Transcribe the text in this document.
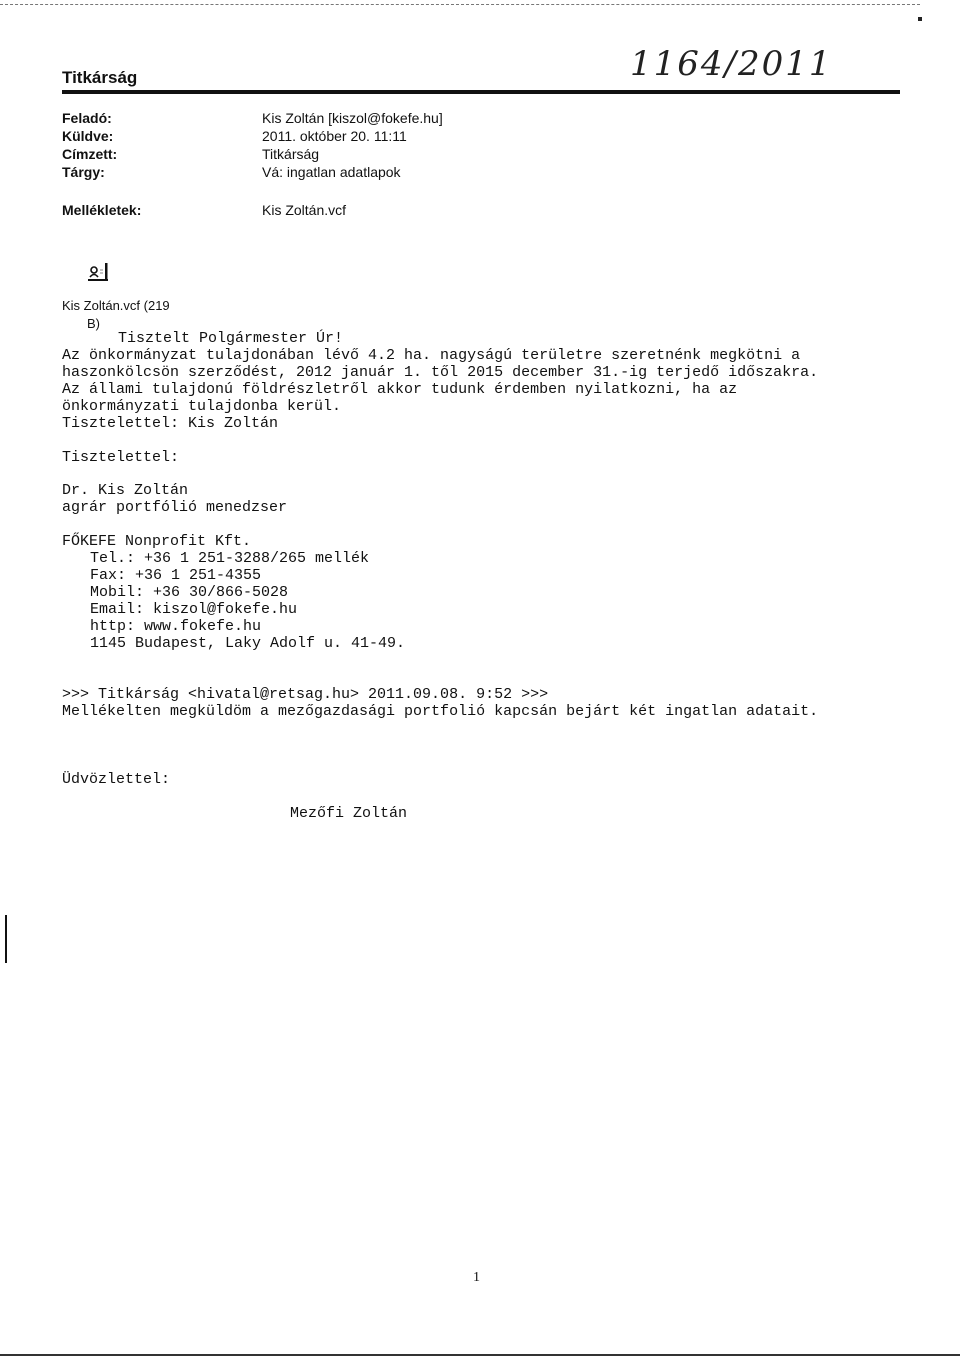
Titkárság	1164/2011
Feladó:	Kis Zoltán [kiszol@fokefe.hu]
Küldve:	2011. október 20. 11:11
Címzett:	Titkárság
Tárgy:	Vá: ingatlan adatlapok
Mellékletek:	Kis Zoltán.vcf
Kis Zoltán.vcf (219
B)
Tisztelt Polgármester Úr!
Az önkormányzat tulajdonában lévő 4.2 ha. nagyságú területre szeretnénk megkötni a
haszonkölcsön szerződést, 2012 január 1. től 2015 december 31.-ig terjedő időszakra.
Az állami tulajdonú földrészletről akkor tudunk érdemben nyilatkozni, ha az
önkormányzati tulajdonba kerül.
Tisztelettel: Kis Zoltán
Tisztelettel:
Dr. Kis Zoltán
agrár portfólió menedzser
FŐKEFE Nonprofit Kft.
Tel.: +36 1 251-3288/265 mellék
Fax: +36 1 251-4355
Mobil: +36 30/866-5028
Email: kiszol@fokefe.hu
http: www.fokefe.hu
1145 Budapest, Laky Adolf u. 41-49.
>>> Titkárság <hivatal@retsag.hu> 2011.09.08. 9:52 >>>
Mellékelten megküldöm a mezőgazdasági portfolió kapcsán bejárt két ingatlan adatait.
Üdvözlettel:
Mezőfi Zoltán
1
